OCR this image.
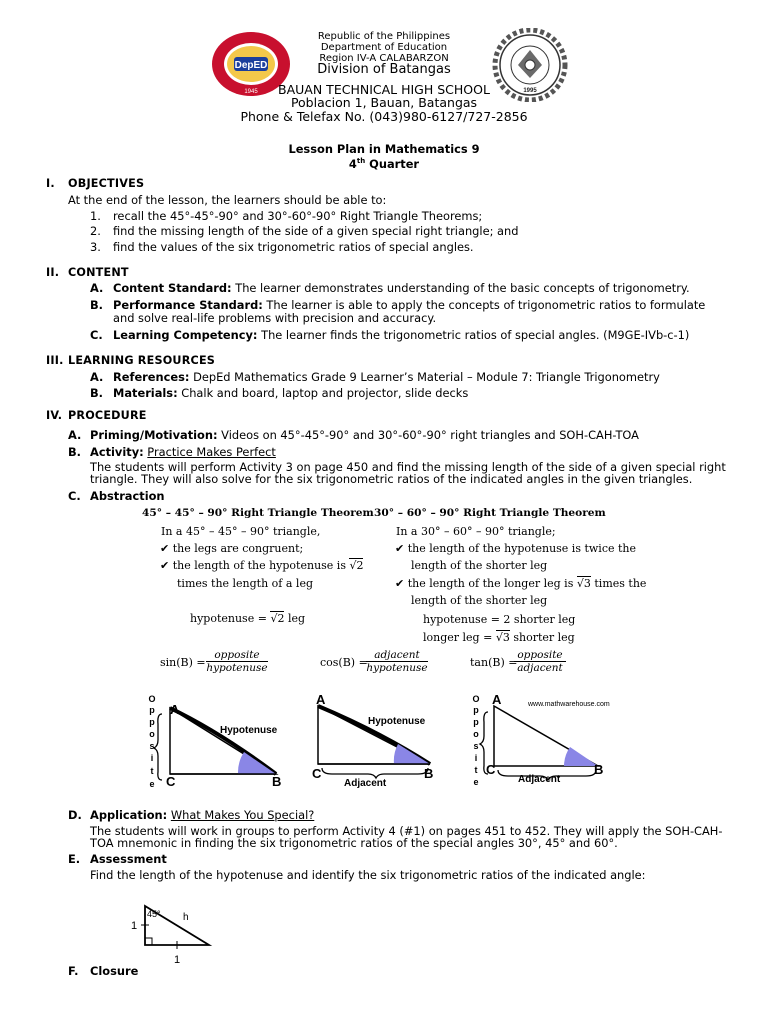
DepED
1945	1995
Republic of the Philippines
Department of Education
Region IV-A CALABARZON
Division of Batangas
BAUAN TECHNICAL HIGH SCHOOL
Poblacion 1, Bauan, Batangas
Phone & Telefax No. (043)980-6127/727-2856
Lesson Plan in Mathematics 9
4th Quarter
I. OBJECTIVES
At the end of the lesson, the learners should be able to:
1. recall the 45°-45°-90° and 30°-60°-90° Right Triangle Theorems;
2. find the missing length of the side of a given special right triangle; and
3. find the values of the six trigonometric ratios of special angles.
II. CONTENT
A. Content Standard: The learner demonstrates understanding of the basic concepts of trigonometry.
B. Performance Standard: The learner is able to apply the concepts of trigonometric ratios to formulate
and solve real-life problems with precision and accuracy.
C. Learning Competency: The learner finds the trigonometric ratios of special angles. (M9GE-IVb-c-1)
III. LEARNING RESOURCES
A. References: DepEd Mathematics Grade 9 Learner’s Material – Module 7: Triangle Trigonometry
B. Materials: Chalk and board, laptop and projector, slide decks
IV. PROCEDURE
A. Priming/Motivation: Videos on 45°-45°-90° and 30°-60°-90° right triangles and SOH-CAH-TOA
B. Activity: Practice Makes Perfect
The students will perform Activity 3 on page 450 and find the missing length of the side of a given special right
triangle. They will also solve for the six trigonometric ratios of the indicated angles in the given triangles.
C. Abstraction
45° – 45° – 90° Right Triangle Theorem
In a 45° – 45° – 90° triangle,
✔ the legs are congruent;
✔ the length of the hypotenuse is √2
times the length of a leg
hypotenuse = √2 leg
30° – 60° – 90° Right Triangle Theorem
In a 30° – 60° – 90° triangle;
✔ the length of the hypotenuse is twice the
length of the shorter leg
✔ the length of the longer leg is √3 times the
length of the shorter leg
hypotenuse = 2 shorter leg
longer leg = √3 shorter leg
sin(B) =
opposite
hypotenuse	cos(B) =
adjacent
hypotenuse	tan(B) =
opposite
adjacent
O
p
p
o
s
i
t
e
A
C	B
Hypotenuse
A
C	B
Hypotenuse
Adjacent
O
p
p
o
s
i
t
e
A
C	B
www.mathwarehouse.com
Adjacent
D. Application: What Makes You Special?
The students will work in groups to perform Activity 4 (#1) on pages 451 to 452. They will apply the SOH-CAH-
TOA mnemonic in finding the six trigonometric ratios of the special angles 30°, 45° and 60°.
E. Assessment
Find the length of the hypotenuse and identify the six trigonometric ratios of the indicated angle:
45° h
1
1
F. Closure
